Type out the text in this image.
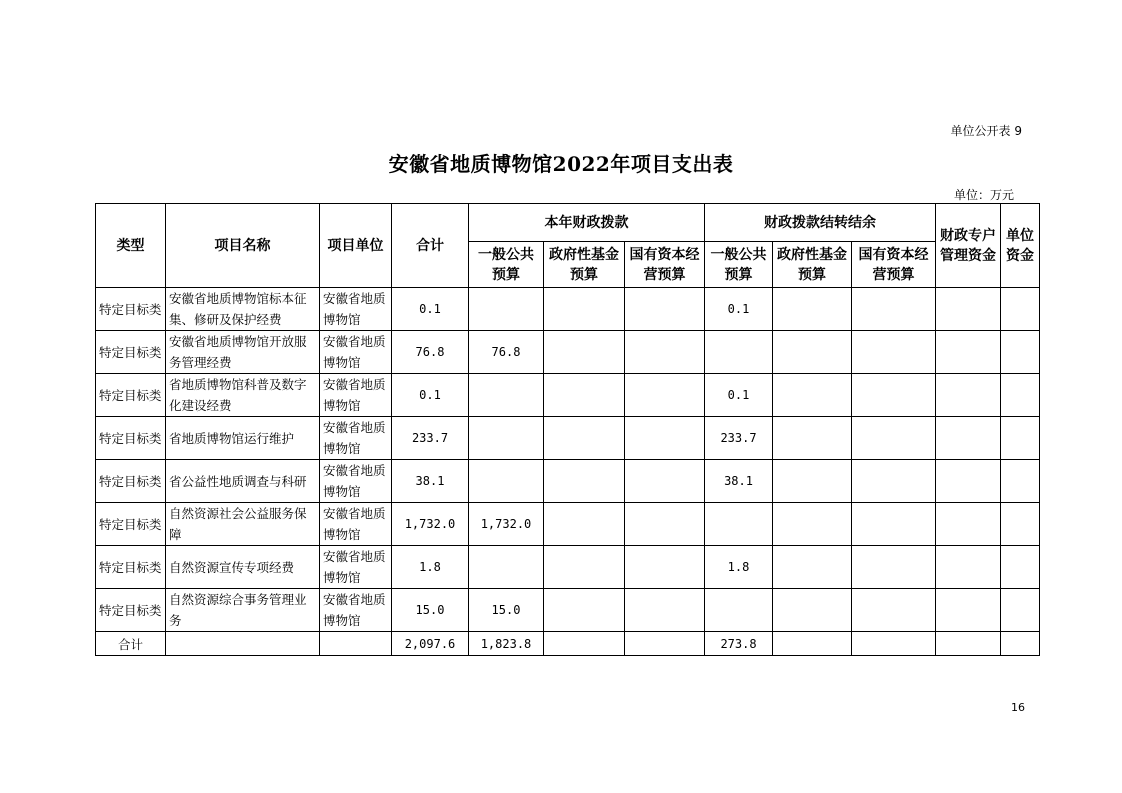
单位公开表 9
安徽省地质博物馆2022年项目支出表
单位：万元
类型	项目名称	项目单位	合计	本年财政拨款			财政拨款结转结余			财政专户管理资金	单位资金
				一般公共预算	政府性基金预算	国有资本经营预算	一般公共预算	政府性基金预算	国有资本经营预算		
特定目标类	安徽省地质博物馆标本征集、修研及保护经费	安徽省地质博物馆	0.1				0.1				
特定目标类	安徽省地质博物馆开放服务管理经费	安徽省地质博物馆	76.8	76.8							
特定目标类	省地质博物馆科普及数字化建设经费	安徽省地质博物馆	0.1				0.1				
特定目标类	省地质博物馆运行维护	安徽省地质博物馆	233.7				233.7				
特定目标类	省公益性地质调查与科研	安徽省地质博物馆	38.1				38.1				
特定目标类	自然资源社会公益服务保障	安徽省地质博物馆	1,732.0	1,732.0							
特定目标类	自然资源宣传专项经费	安徽省地质博物馆	1.8				1.8				
特定目标类	自然资源综合事务管理业务	安徽省地质博物馆	15.0	15.0							
合计			2,097.6	1,823.8			273.8				
16
